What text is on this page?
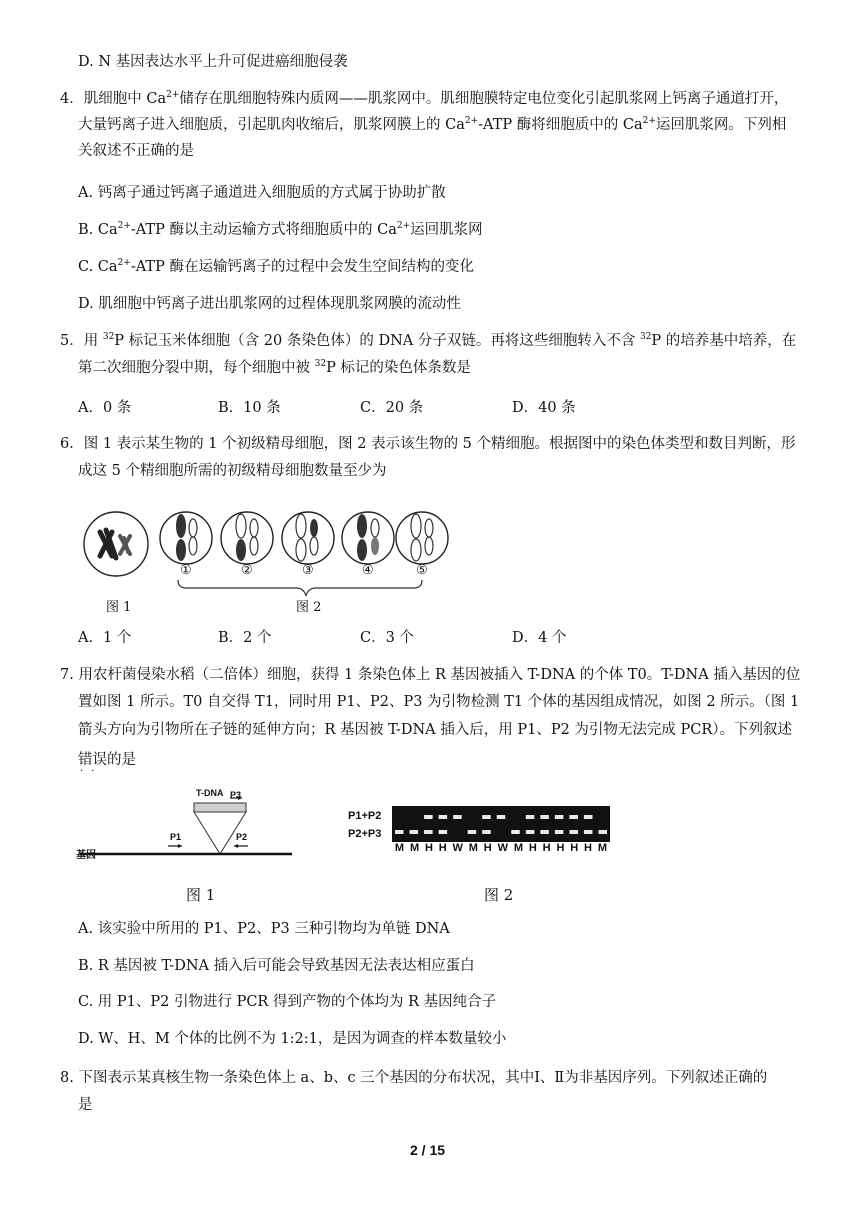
D. N 基因表达水平上升可促进癌细胞侵袭
4．肌细胞中 $Ca^{2+}$储存在肌细胞特殊内质网——肌浆网中。肌细胞膜特定电位变化引起肌浆网上钙离子通道打开，
大量钙离子进入细胞质，引起肌肉收缩后，肌浆网膜上的 $Ca^{2+}$-ATP 酶将细胞质中的 $Ca^{2+}$运回肌浆网。下列相
关叙述不正确的是
A. 钙离子通过钙离子通道进入细胞质的方式属于协助扩散
B. $Ca^{2+}$-ATP 酶以主动运输方式将细胞质中的 $Ca^{2+}$运回肌浆网
C. $Ca^{2+}$-ATP 酶在运输钙离子的过程中会发生空间结构的变化
D. 肌细胞中钙离子进出肌浆网的过程体现肌浆网膜的流动性
5．用 $^{32}$P 标记玉米体细胞（含 20 条染色体）的 DNA 分子双链。再将这些细胞转入不含 $^{32}$P 的培养基中培养，在
第二次细胞分裂中期，每个细胞中被 $^{32}$P 标记的染色体条数是
A．0 条	B．10 条	C．20 条	D．40 条
6．图 1 表示某生物的 1 个初级精母细胞，图 2 表示该生物的 5 个精细胞。根据图中的染色体类型和数目判断，形
成这 5 个精细胞所需的初级精母细胞数量至少为
①	②	③	④	⑤
图 1	图 2
A．1 个	B．2 个	C．3 个	D．4 个
7. 用农杆菌侵染水稻（二倍体）细胞，获得 1 条染色体上 R 基因被插入 T-DNA 的个体 T0。T-DNA 插入基因的位
置如图 1 所示。T0 自交得 T1，同时用 P1、P2、P3 为引物检测 T1 个体的基因组成情况，如图 2 所示。（图 1
箭头方向为引物所在子链的延伸方向；R 基因被 T-DNA 插入后，用 P1、P2 为引物无法完成 PCR）。下列叙述
错误的是
··
T-DNA P3
P1	P2
基因
P1+P2
P2+P3
M M H H W M H W M H H H H H M
图 1	图 2
A. 该实验中所用的 P1、P2、P3 三种引物均为单链 DNA
B. R 基因被 T-DNA 插入后可能会导致基因无法表达相应蛋白
C. 用 P1、P2 引物进行 PCR 得到产物的个体均为 R 基因纯合子
D. W、H、M 个体的比例不为 1:2:1，是因为调查的样本数量较小
8. 下图表示某真核生物一条染色体上 a、b、c 三个基因的分布状况，其中Ⅰ、Ⅱ为非基因序列。下列叙述正确的
是
2 / 15
